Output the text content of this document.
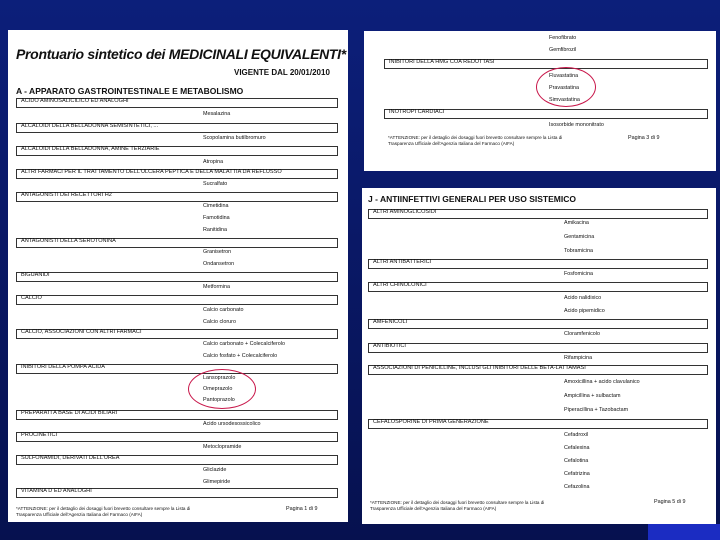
Prontuario sintetico dei MEDICINALI EQUIVALENTI*
VIGENTE DAL 20/01/2010
A - APPARATO GASTROINTESTINALE E METABOLISMO
ACIDO AMINOSALICILICO ED ANALOGHI
Mesalazina
ALCALOIDI DELLA BELLADONNA SEMISINTETICI, ...
Scopolamina butilbromuro
ALCALOIDI DELLA BELLADONNA, AMINE TERZIARIE
Atropina
ALTRI FARMACI PER IL TRATTAMENTO DELL'ULCERA PEPTICA E DELLA MALATTIA DA REFLUSSO
Sucralfato
ANTAGONISTI DEI RECETTORI H2
Cimetidina
Famotidina
Ranitidina
ANTAGONISTI DELLA SEROTONINA
Granisetron
Ondansetron
BIGUANIDI
Metformina
CALCIO
Calcio carbonato
Calcio cloruro
CALCIO, ASSOCIAZIONI CON ALTRI FARMACI
Calcio carbonato + Colecalciferolo
Calcio fosfato + Colecalciferolo
INIBITORI DELLA POMPA ACIDA
Lansoprazolo
Omeprazolo
Pantoprazolo
PREPARATI A BASE DI ACIDI BILIARI
Acido ursodesossicolico
PROCINETICI
Metoclopramide
SULFONAMIDI, DERIVATI DELL'UREA
Gliclazide
Glimepiride
VITAMINA D ED ANALOGHI
*ATTENZIONE: per il dettaglio dei dosaggi fuori brevetto consultare sempre la Lista di
Trasparenza Ufficiale dell'Agenzia Italiana del Farmaco (AIFA)
Pagina 1 di 9
Fenofibrato
Gemfibrozil
INIBITORI DELLA HMG COA REDUTTASI
Fluvastatina
Pravastatina
Simvastatina
INOTROPI CARDIACI
Isosorbide mononitrato
*ATTENZIONE: per il dettaglio dei dosaggi fuori brevetto consultare sempre la Lista di
Trasparenza Ufficiale dell'Agenzia Italiana del Farmaco (AIFA)
Pagina 3 di 9
J - ANTIINFETTIVI GENERALI PER USO SISTEMICO
ALTRI AMINOGLICOSIDI
Amikacina
Gentamicina
Tobramicina
ALTRI ANTIBATTERICI
Fosfomicina
ALTRI CHINOLONICI
Acido nalidixico
Acido pipemidico
AMFENICOLI
Cloramfenicolo
ANTIBIOTICI
Rifampicina
ASSOCIAZIONI DI PENICILLINE, INCLUSI GLI INIBITORI DELLE BETA-LATTAMASI
Amoxicillina + acido clavulanico
Ampicillina + sulbactam
Piperacillina + Tazobactam
CEFALOSPORINE DI PRIMA GENERAZIONE
Cefadroxil
Cefalexina
Cefalotina
Cefatrizina
Cefazolina
*ATTENZIONE: per il dettaglio dei dosaggi fuori brevetto consultare sempre la Lista di
Trasparenza Ufficiale dell'Agenzia Italiana del Farmaco (AIFA)
Pagina 5 di 9
